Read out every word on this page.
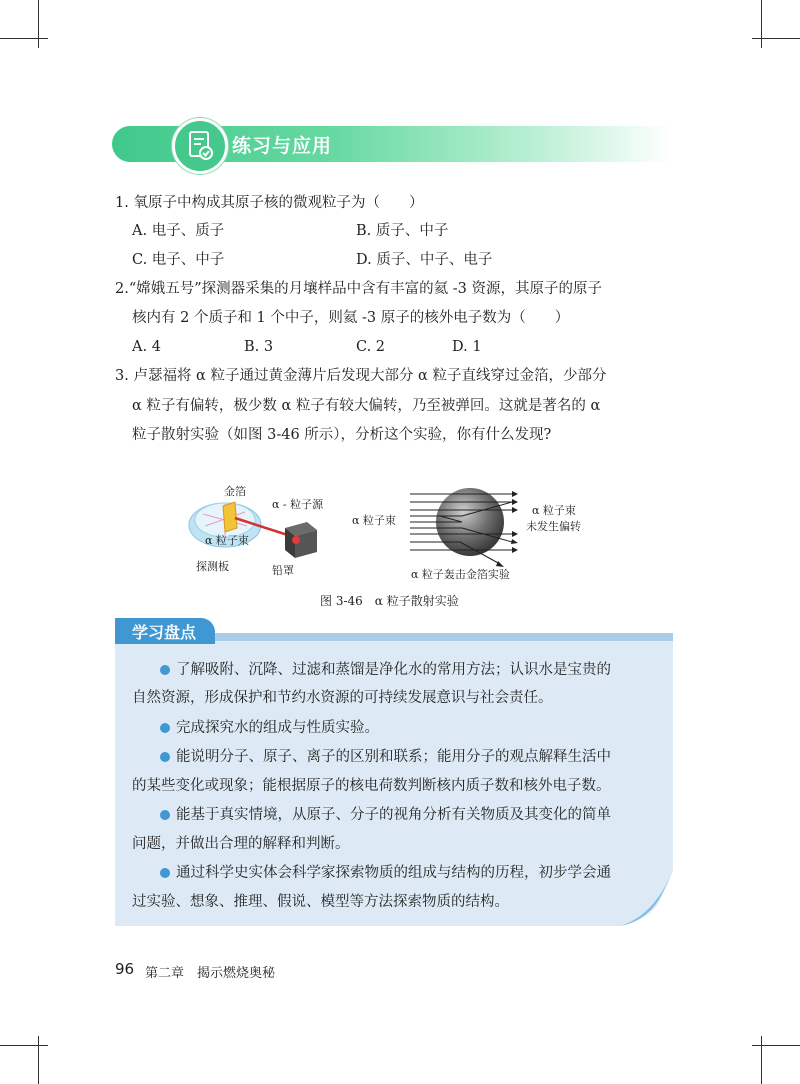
练习与应用
1. 氧原子中构成其原子核的微观粒子为（　　）
A. 电子、质子	B. 质子、中子
C. 电子、中子	D. 质子、中子、电子
2.“嫦娥五号”探测器采集的月壤样品中含有丰富的氦 -3 资源，其原子的原子
核内有 2 个质子和 1 个中子，则氦 -3 原子的核外电子数为（　　）
A. 4	B. 3	C. 2	D. 1
3. 卢瑟福将 α 粒子通过黄金薄片后发现大部分 α 粒子直线穿过金箔，少部分
α 粒子有偏转，极少数 α 粒子有较大偏转，乃至被弹回。这就是著名的 α
粒子散射实验（如图 3-46 所示），分析这个实验，你有什么发现?
金箔
α - 粒子源
α 粒子束
探测板	铅罩
α 粒子束
α 粒子束
未发生偏转
α 粒子轰击金箔实验
图 3-46　α 粒子散射实验
学习盘点
了解吸附、沉降、过滤和蒸馏是净化水的常用方法；认识水是宝贵的
自然资源，形成保护和节约水资源的可持续发展意识与社会责任。
完成探究水的组成与性质实验。
能说明分子、原子、离子的区别和联系；能用分子的观点解释生活中
的某些变化或现象；能根据原子的核电荷数判断核内质子数和核外电子数。
能基于真实情境，从原子、分子的视角分析有关物质及其变化的简单
问题，并做出合理的解释和判断。
通过科学史实体会科学家探索物质的组成与结构的历程，初步学会通
过实验、想象、推理、假说、模型等方法探索物质的结构。
96 第二章　揭示燃烧奥秘
